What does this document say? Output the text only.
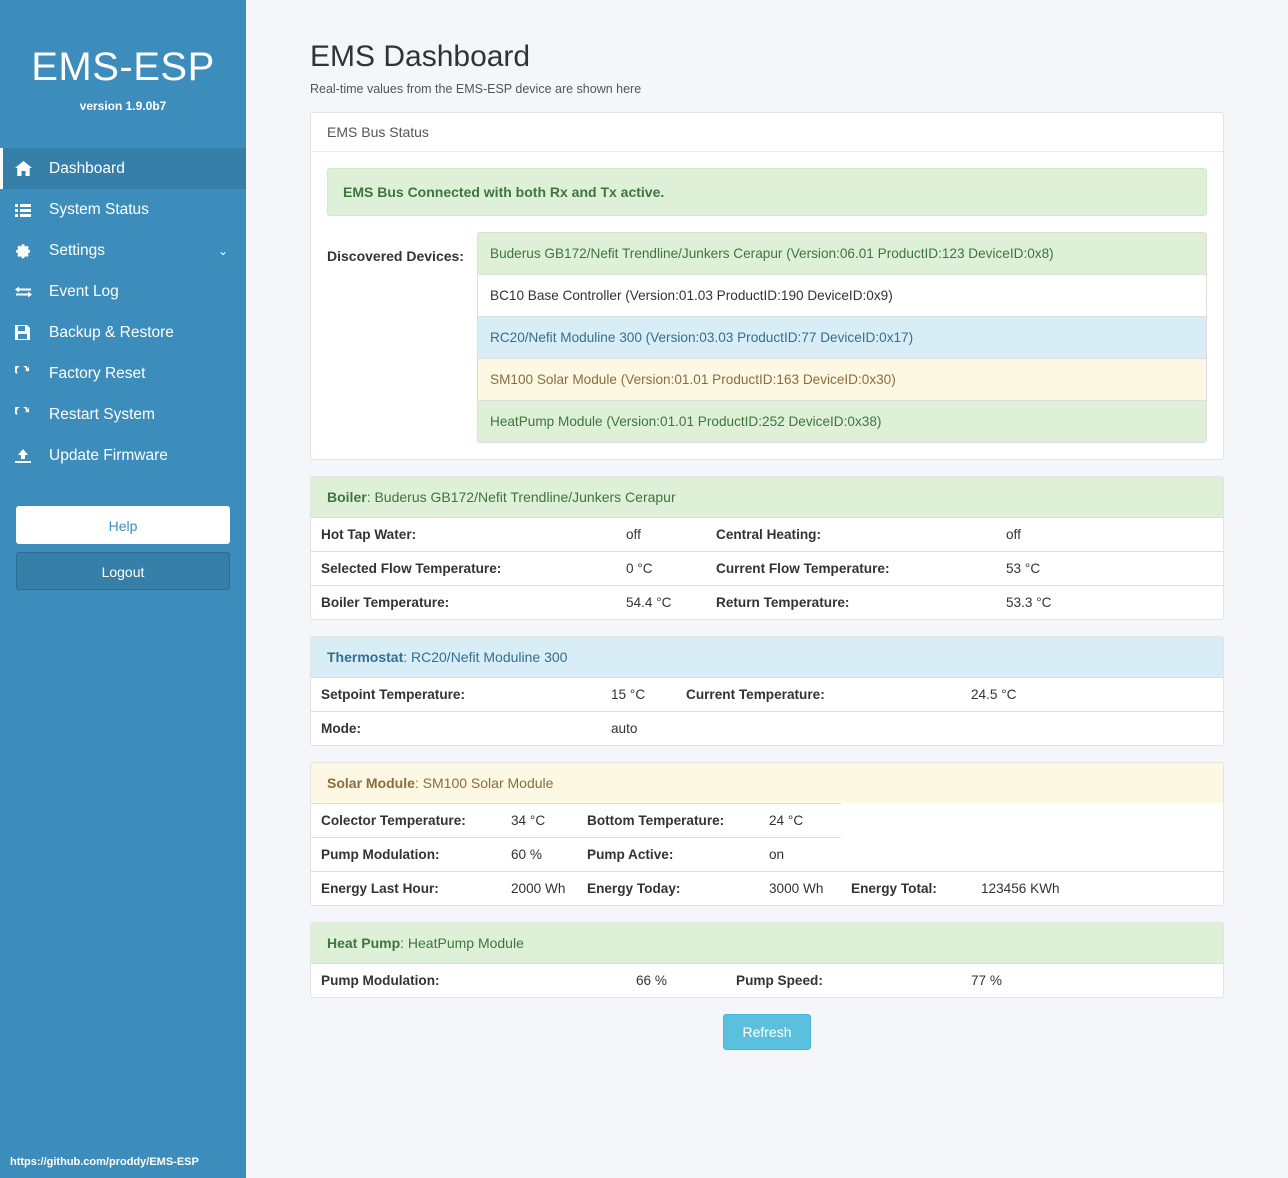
EMS-ESP
version 1.9.0b7
Dashboard
System Status
Settings	⌄
Event Log
Backup & Restore
Factory Reset
Restart System
Update Firmware
Help
Logout
https://github.com/proddy/EMS-ESP
EMS Dashboard

Real-time values from the EMS-ESP device are shown here

EMS Bus Status
EMS Bus Connected with both Rx and Tx active.
Discovered Devices:	Buderus GB172/Nefit Trendline/Junkers Cerapur (Version:06.01 ProductID:123 DeviceID:0x8)
BC10 Base Controller (Version:01.03 ProductID:190 DeviceID:0x9)
RC20/Nefit Moduline 300 (Version:03.03 ProductID:77 DeviceID:0x17)
SM100 Solar Module (Version:01.01 ProductID:163 DeviceID:0x30)
HeatPump Module (Version:01.01 ProductID:252 DeviceID:0x38)
Boiler: Buderus GB172/Nefit Trendline/Junkers Cerapur
Hot Tap Water:	off	Central Heating:	off
Selected Flow Temperature:	0 °C	Current Flow Temperature:	53 °C
Boiler Temperature:	54.4 °C	Return Temperature:	53.3 °C
Thermostat: RC20/Nefit Moduline 300
Setpoint Temperature:	15 °C	Current Temperature:	24.5 °C
Mode:	auto		
Solar Module: SM100 Solar Module
Colector Temperature:	34 °C	Bottom Temperature:	24 °C		
Pump Modulation:	60 %	Pump Active:	on		
Energy Last Hour:	2000 Wh	Energy Today:	3000 Wh	Energy Total:	123456 KWh
Heat Pump: HeatPump Module
Pump Modulation:	66 %	Pump Speed:	77 %
Refresh
